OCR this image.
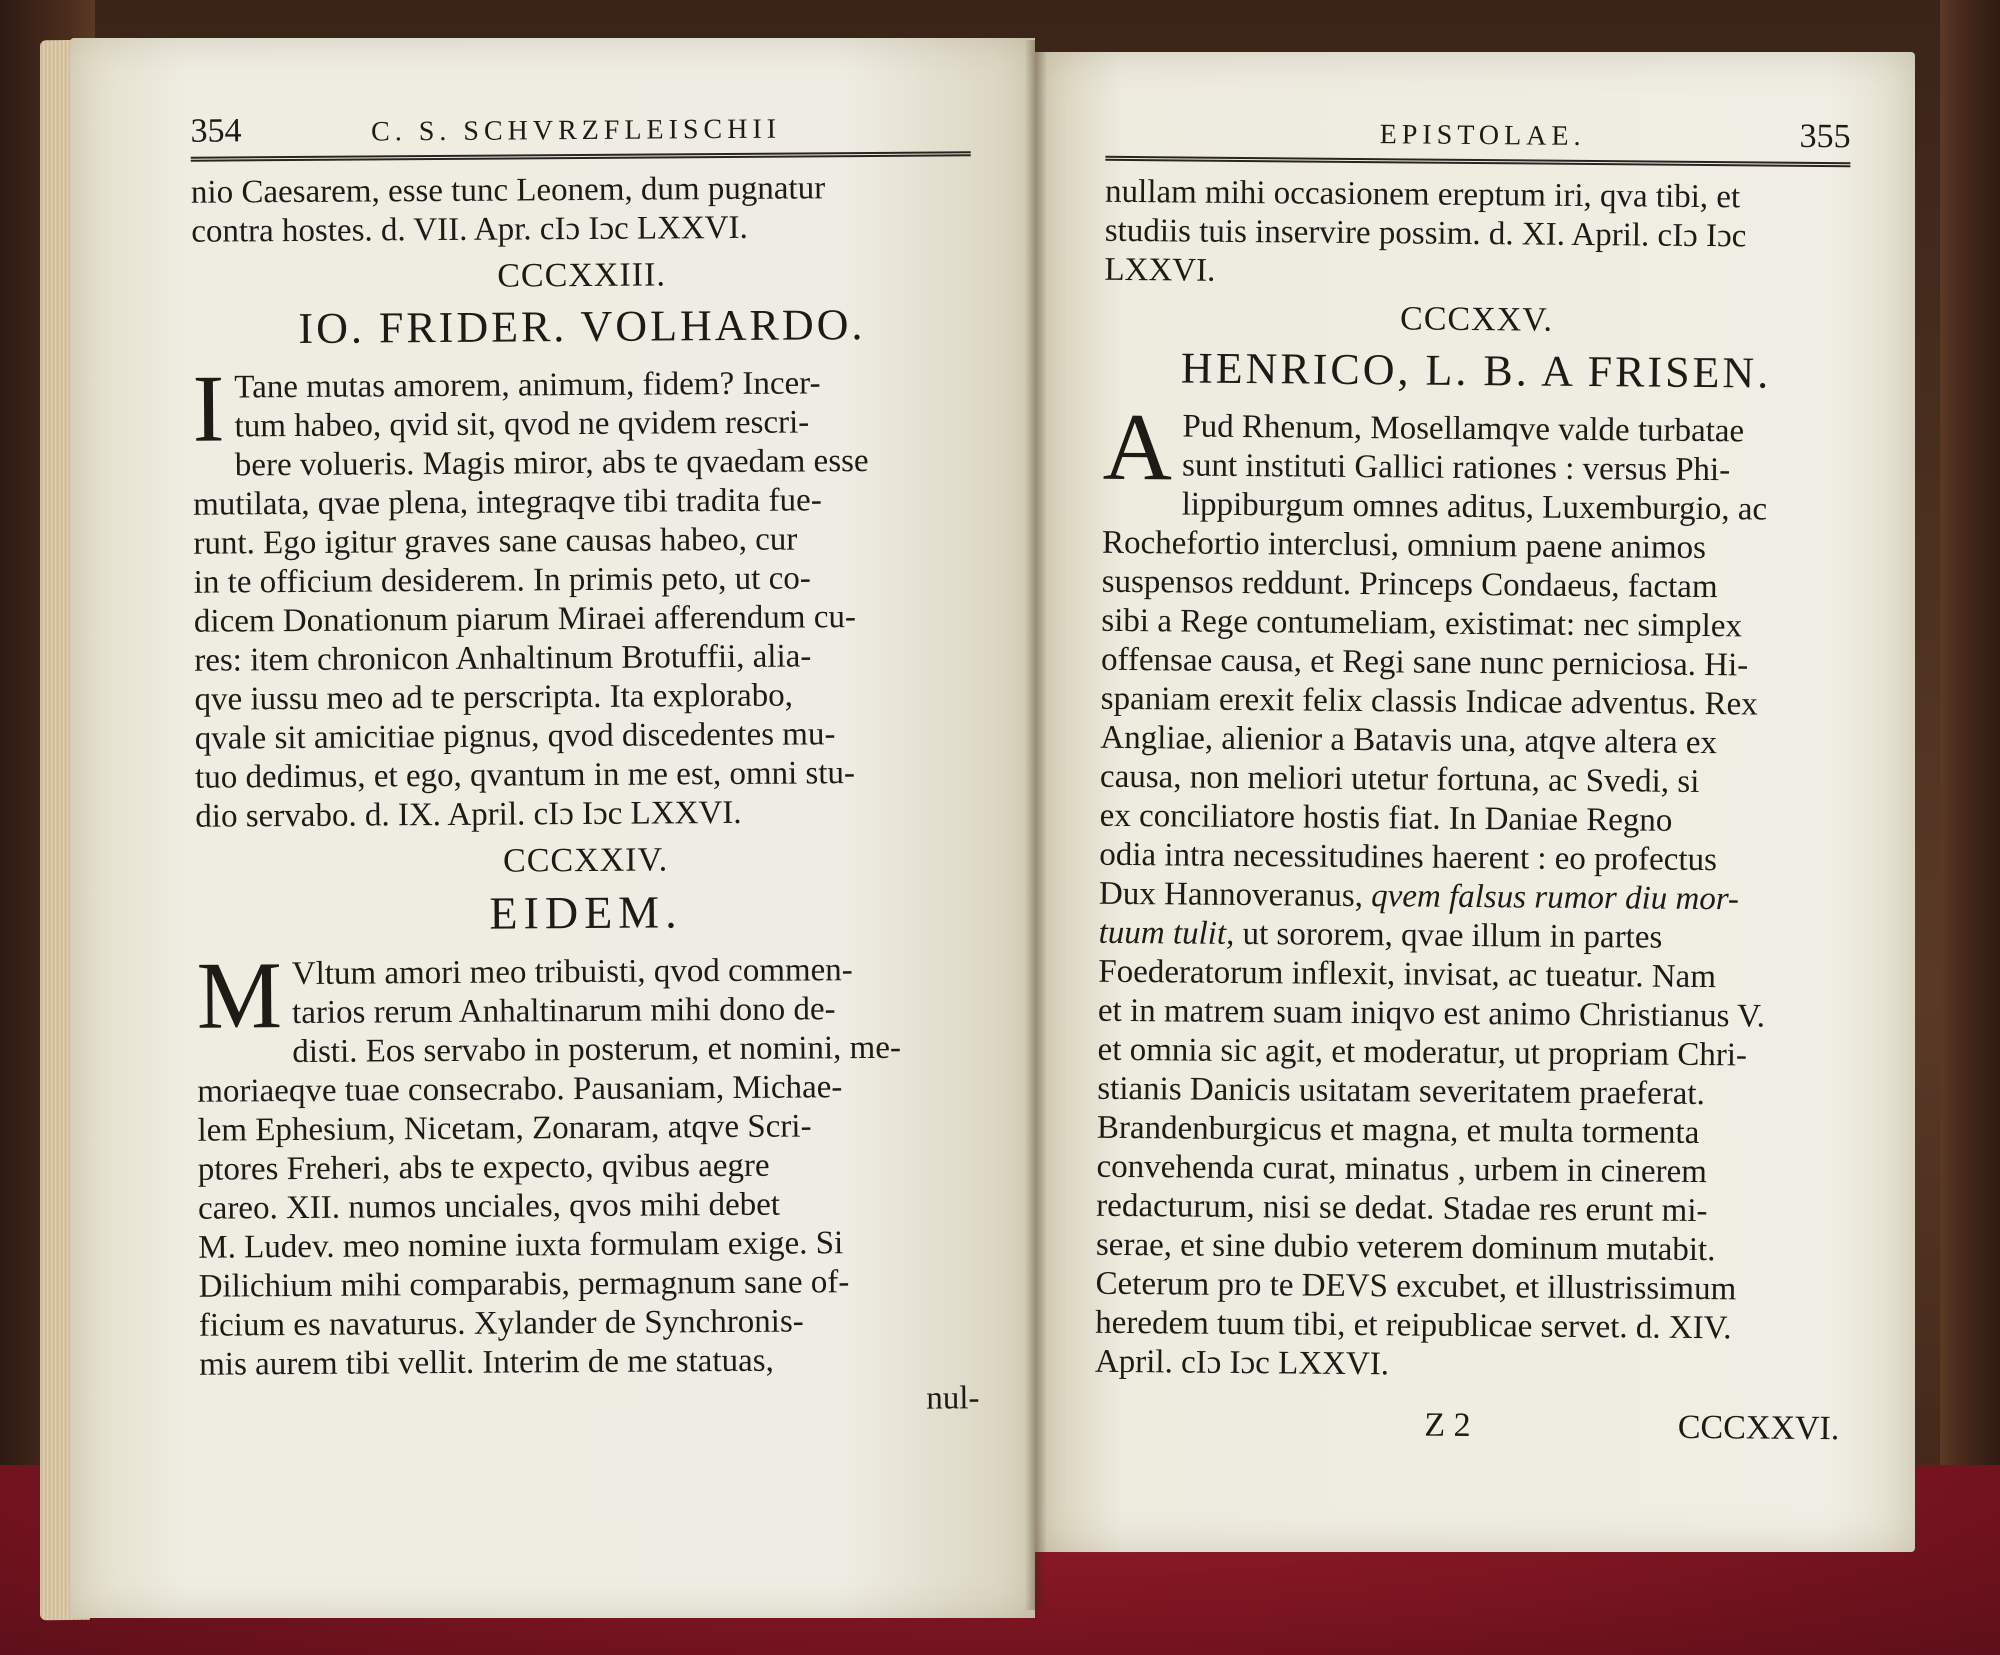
354	C. S. SCHVRZFLEISCHII
nio Caesarem, esse tunc Leonem, dum pugnatur
contra hostes. d. VII. Apr. cIɔ Iɔc LXXVI.
CCCXXIII.
IO. FRIDER. VOLHARDO.
I Tane mutas amorem, animum, fidem? Incer-
tum habeo, qvid sit, qvod ne qvidem rescri-
bere volueris. Magis miror, abs te qvaedam esse
mutilata, qvae plena, integraqve tibi tradita fue-
runt. Ego igitur graves sane causas habeo, cur
in te officium desiderem. In primis peto, ut co-
dicem Donationum piarum Miraei afferendum cu-
res: item chronicon Anhaltinum Brotuffii, alia-
qve iussu meo ad te perscripta. Ita explorabo,
qvale sit amicitiae pignus, qvod discedentes mu-
tuo dedimus, et ego, qvantum in me est, omni stu-
dio servabo. d. IX. April. cIɔ Iɔc LXXVI.
CCCXXIV.
EIDEM.
M Vltum amori meo tribuisti, qvod commen-
tarios rerum Anhaltinarum mihi dono de-
disti. Eos servabo in posterum, et nomini, me-
moriaeqve tuae consecrabo. Pausaniam, Michae-
lem Ephesium, Nicetam, Zonaram, atqve Scri-
ptores Freheri, abs te expecto, qvibus aegre
careo. XII. numos unciales, qvos mihi debet
M. Ludev. meo nomine iuxta formulam exige. Si
Dilichium mihi comparabis, permagnum sane of-
ficium es navaturus. Xylander de Synchronis-
mis aurem tibi vellit. Interim de me statuas,
nul-
EPISTOLAE.	355
nullam mihi occasionem ereptum iri, qva tibi, et
studiis tuis inservire possim. d. XI. April. cIɔ Iɔc
LXXVI.
CCCXXV.
HENRICO, L. B. A FRISEN.
A Pud Rhenum, Mosellamqve valde turbatae
sunt instituti Gallici rationes : versus Phi-
lippiburgum omnes aditus, Luxemburgio, ac
Rochefortio interclusi, omnium paene animos
suspensos reddunt. Princeps Condaeus, factam
sibi a Rege contumeliam, existimat: nec simplex
offensae causa, et Regi sane nunc perniciosa. Hi-
spaniam erexit felix classis Indicae adventus. Rex
Angliae, alienior a Batavis una, atqve altera ex
causa, non meliori utetur fortuna, ac Svedi, si
ex conciliatore hostis fiat. In Daniae Regno
odia intra necessitudines haerent : eo profectus
Dux Hannoveranus, qvem falsus rumor diu mor-
tuum tulit, ut sororem, qvae illum in partes
Foederatorum inflexit, invisat, ac tueatur. Nam
et in matrem suam iniqvo est animo Christianus V.
et omnia sic agit, et moderatur, ut propriam Chri-
stianis Danicis usitatam severitatem praeferat.
Brandenburgicus et magna, et multa tormenta
convehenda curat, minatus , urbem in cinerem
redacturum, nisi se dedat. Stadae res erunt mi-
serae, et sine dubio veterem dominum mutabit.
Ceterum pro te DEVS excubet, et illustrissimum
heredem tuum tibi, et reipublicae servet. d. XIV.
April. cIɔ Iɔc LXXVI.
Z 2	CCCXXVI.
